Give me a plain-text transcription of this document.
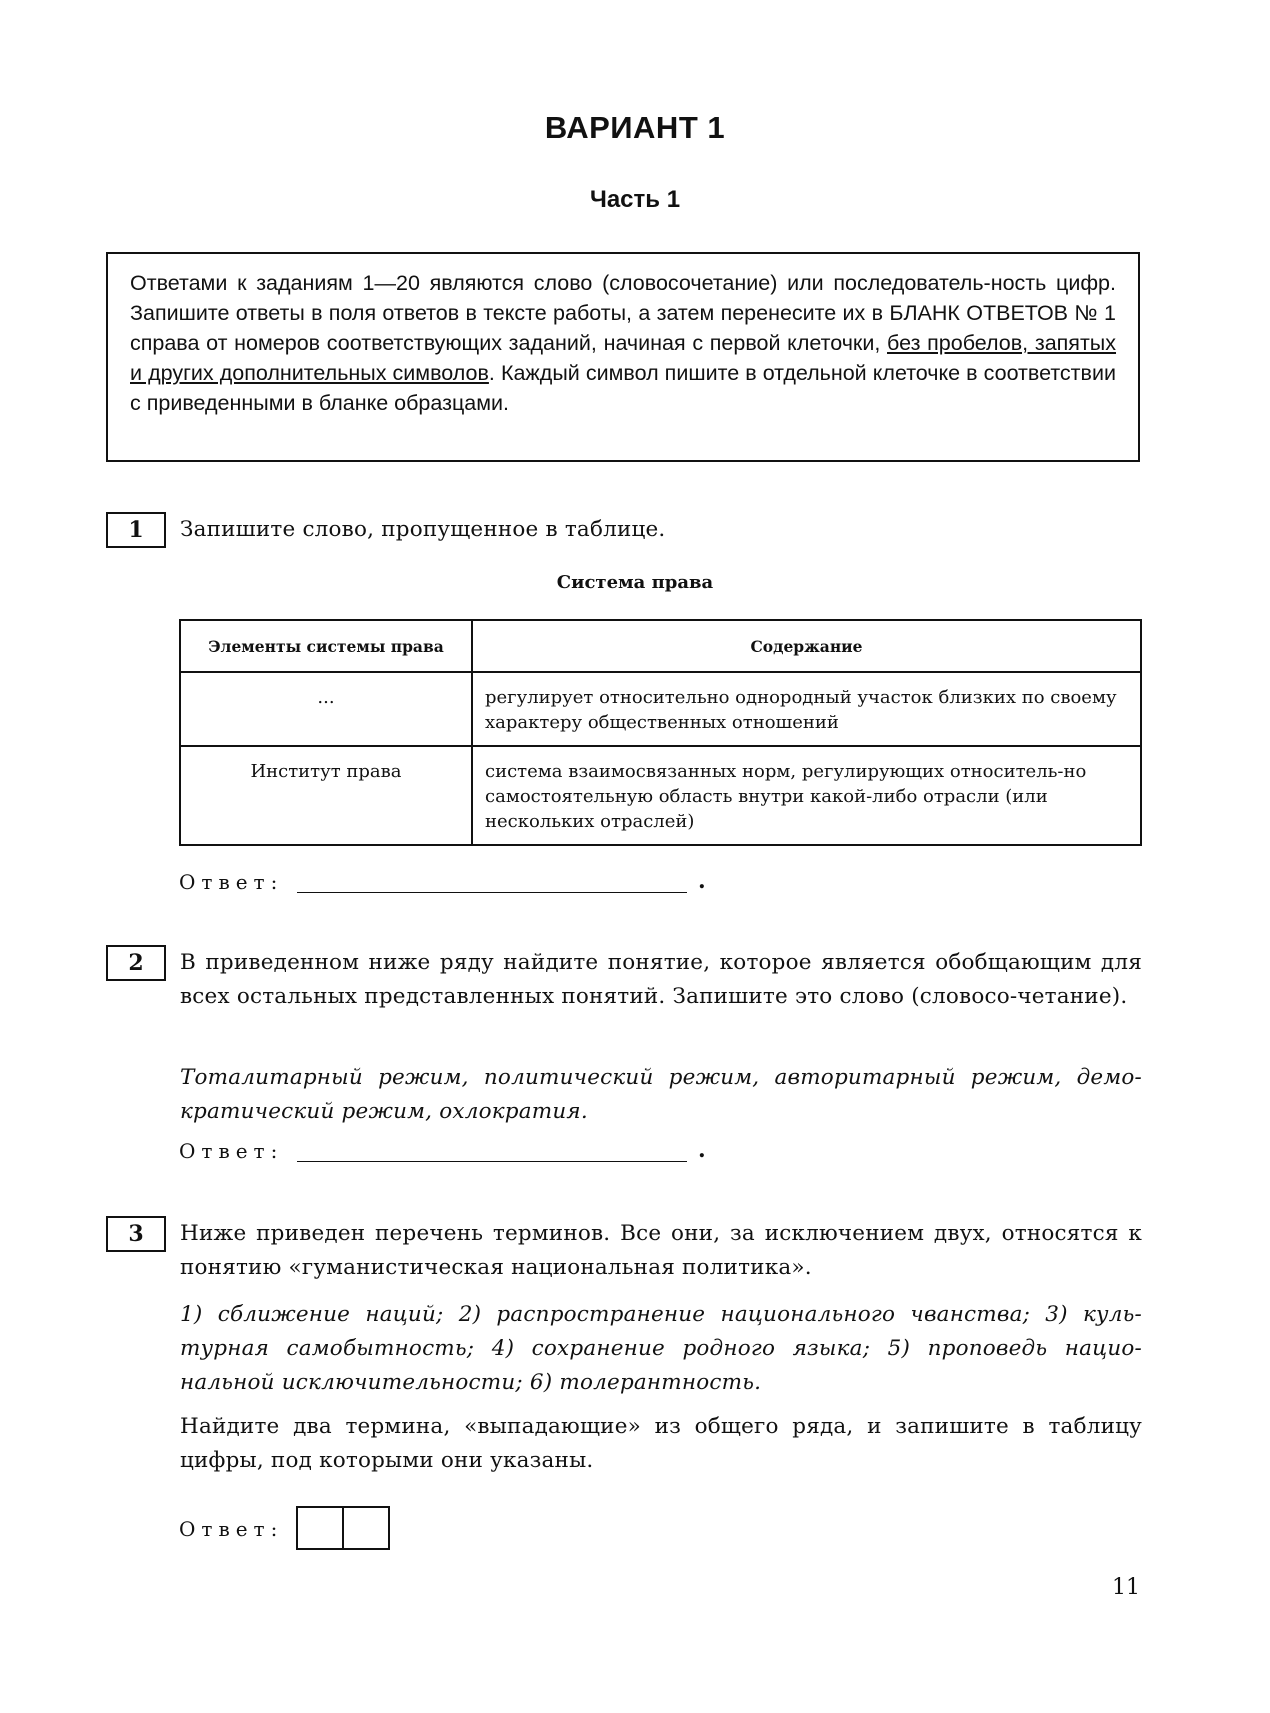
ВАРИАНТ 1
Часть 1
Ответами к заданиям 1—20 являются слово (словосочетание) или последователь-ность цифр. Запишите ответы в поля ответов в тексте работы, а затем перенесите их в БЛАНК ОТВЕТОВ № 1 справа от номеров соответствующих заданий, начиная с первой клеточки, без пробелов, запятых и других дополнительных символов. Каждый символ пишите в отдельной клеточке в соответствии с приведенными в бланке образцами.
1	Запишите слово, пропущенное в таблице.
Система права
Элементы системы права	Содержание
...	регулирует относительно однородный участок близких по своему характеру общественных отношений
Институт права	система взаимосвязанных норм, регулирующих относитель-но самостоятельную область внутри какой-либо отрасли (или нескольких отраслей)
Ответ:	.
2	В приведенном ниже ряду найдите понятие, которое является обобщающим для всех остальных представленных понятий. Запишите это слово (словосо-четание).
Тоталитарный режим, политический режим, авторитарный режим, демо-кратический режим, охлократия.
Ответ:	.
3	Ниже приведен перечень терминов. Все они, за исключением двух, относятся к понятию «гуманистическая национальная политика».
1) сближение наций; 2) распространение национального чванства; 3) куль-турная самобытность; 4) сохранение родного языка; 5) проповедь нацио-нальной исключительности; 6) толерантность.
Найдите два термина, «выпадающие» из общего ряда, и запишите в таблицу цифры, под которыми они указаны.
Ответ:
11
